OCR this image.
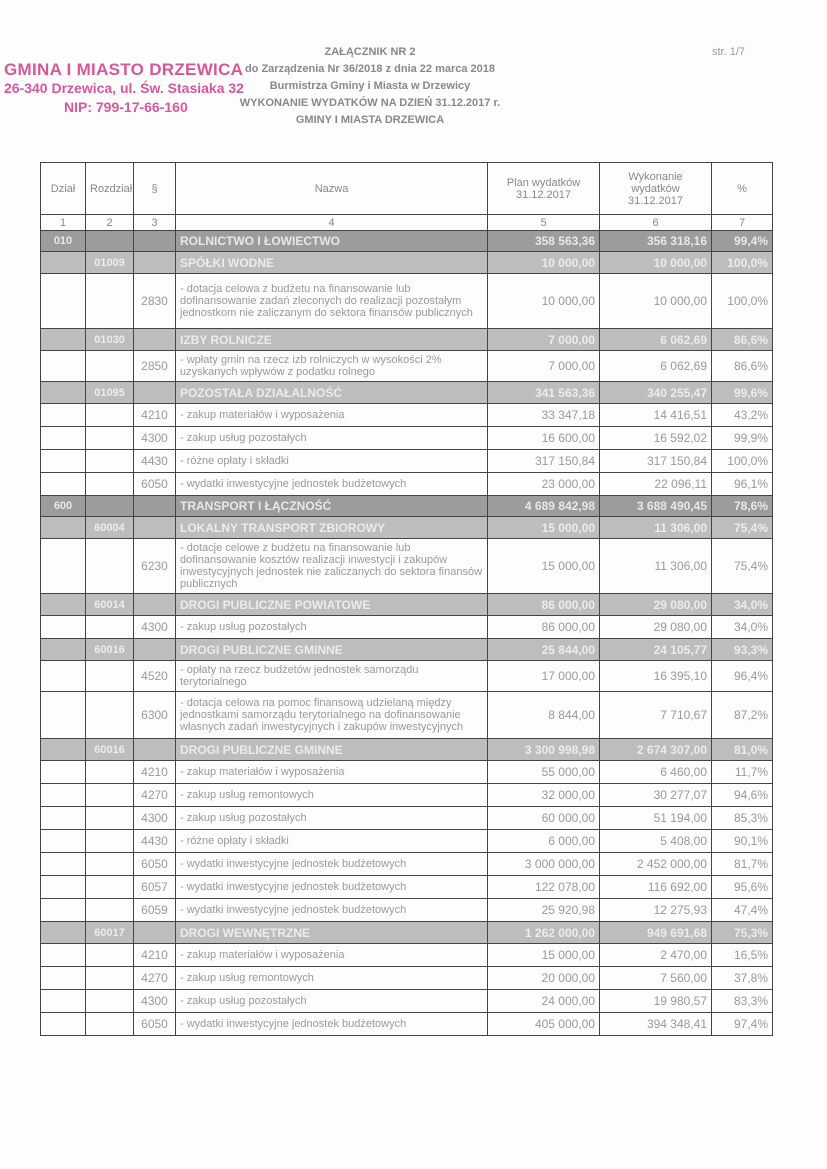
str. 1/7
GMINA I MIASTO DRZEWICA
26-340 Drzewica, ul. Św. Stasiaka 32
NIP: 799-17-66-160
ZAŁĄCZNIK NR 2
do Zarządzenia Nr 36/2018 z dnia 22 marca 2018
Burmistrza Gminy i Miasta w Drzewicy
WYKONANIE WYDATKÓW NA DZIEŃ 31.12.2017 r.
GMINY I MIASTA DRZEWICA
Dział	Rozdział	§	Nazwa	Plan wydatków 31.12.2017	Wykonanie wydatków 31.12.2017	%
1	2	3	4	5	6	7
010			ROLNICTWO I ŁOWIECTWO	358 563,36	356 318,16	99,4%
	01009		SPÓŁKI WODNE	10 000,00	10 000,00	100,0%
		2830	- dotacja celowa z budżetu na finansowanie lub dofinansowanie zadań zleconych do realizacji pozostałym jednostkom nie zaliczanym do sektora finansów publicznych	10 000,00	10 000,00	100,0%
	01030		IZBY ROLNICZE	7 000,00	6 062,69	86,6%
		2850	- wpłaty gmin na rzecz izb rolniczych w wysokości 2% uzyskanych wpływów z podatku rolnego	7 000,00	6 062,69	86,6%
	01095		POZOSTAŁA DZIAŁALNOŚĆ	341 563,36	340 255,47	99,6%
		4210	- zakup materiałów i wyposażenia	33 347,18	14 416,51	43,2%
		4300	- zakup usług pozostałych	16 600,00	16 592,02	99,9%
		4430	- różne opłaty i składki	317 150,84	317 150,84	100,0%
		6050	- wydatki inwestycyjne jednostek budżetowych	23 000,00	22 096,11	96,1%
600			TRANSPORT I ŁĄCZNOŚĆ	4 689 842,98	3 688 490,45	78,6%
	60004		LOKALNY TRANSPORT ZBIOROWY	15 000,00	11 306,00	75,4%
		6230	- dotacje celowe z budżetu na finansowanie lub dofinansowanie kosztów realizacji inwestycji i zakupów inwestycyjnych jednostek nie zaliczanych do sektora finansów publicznych	15 000,00	11 306,00	75,4%
	60014		DROGI PUBLICZNE POWIATOWE	86 000,00	29 080,00	34,0%
		4300	- zakup usług pozostałych	86 000,00	29 080,00	34,0%
	60016		DROGI PUBLICZNE GMINNE	25 844,00	24 105,77	93,3%
		4520	- opłaty na rzecz budżetów jednostek samorządu terytorialnego	17 000,00	16 395,10	96,4%
		6300	- dotacja celowa na pomoc finansową udzielaną między jednostkami samorządu terytorialnego na dofinansowanie własnych zadań inwestycyjnych i zakupów inwestycyjnych	8 844,00	7 710,67	87,2%
	60016		DROGI PUBLICZNE GMINNE	3 300 998,98	2 674 307,00	81,0%
		4210	- zakup materiałów i wyposażenia	55 000,00	6 460,00	11,7%
		4270	- zakup usług remontowych	32 000,00	30 277,07	94,6%
		4300	- zakup usług pozostałych	60 000,00	51 194,00	85,3%
		4430	- różne opłaty i składki	6 000,00	5 408,00	90,1%
		6050	- wydatki inwestycyjne jednostek budżetowych	3 000 000,00	2 452 000,00	81,7%
		6057	- wydatki inwestycyjne jednostek budżetowych	122 078,00	116 692,00	95,6%
		6059	- wydatki inwestycyjne jednostek budżetowych	25 920,98	12 275,93	47,4%
	60017		DROGI WEWNĘTRZNE	1 262 000,00	949 691,68	75,3%
		4210	- zakup materiałów i wyposażenia	15 000,00	2 470,00	16,5%
		4270	- zakup usług remontowych	20 000,00	7 560,00	37,8%
		4300	- zakup usług pozostałych	24 000,00	19 980,57	83,3%
		6050	- wydatki inwestycyjne jednostek budżetowych	405 000,00	394 348,41	97,4%
